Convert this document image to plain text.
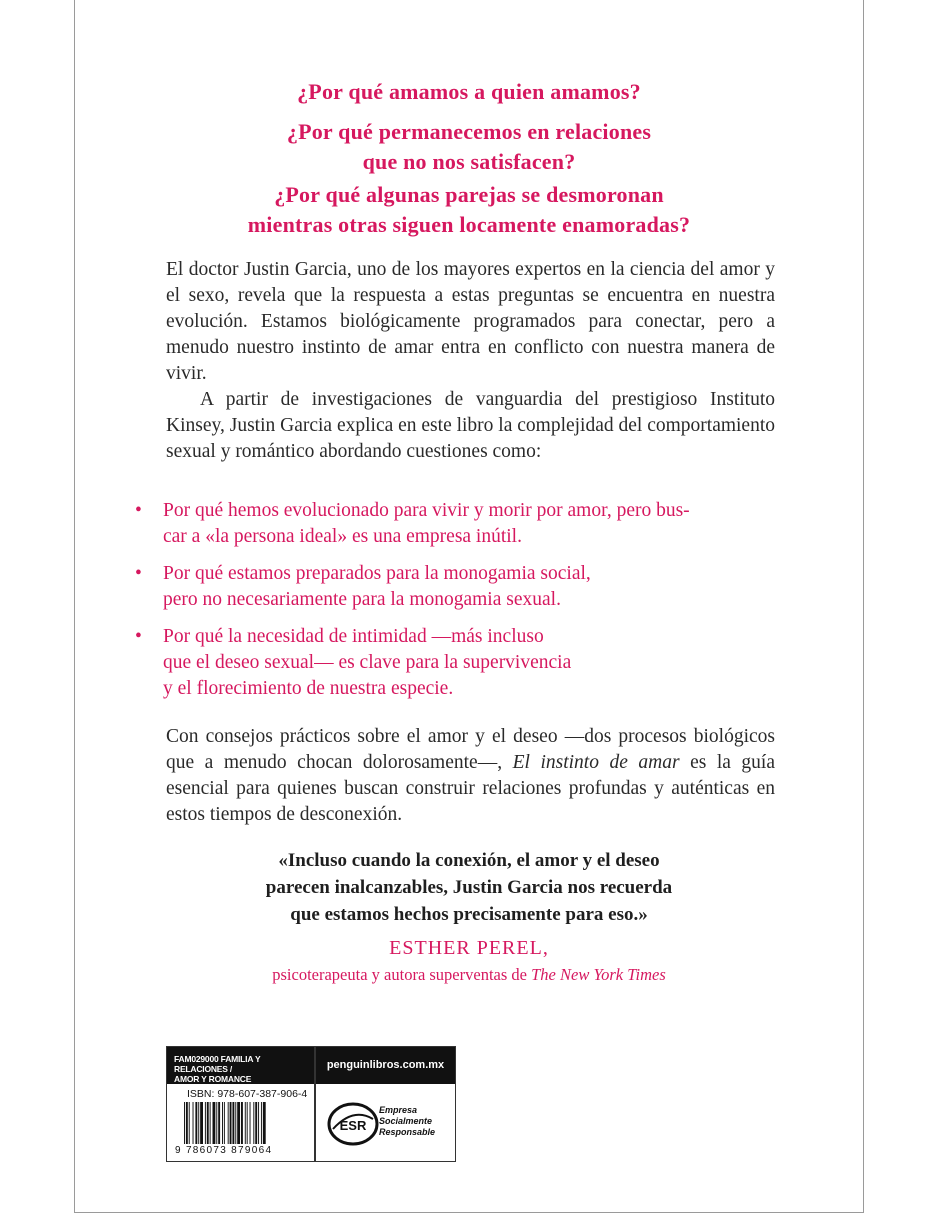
¿Por qué amamos a quien amamos?
¿Por qué permanecemos en relaciones
que no nos satisfacen?
¿Por qué algunas parejas se desmoronan
mientras otras siguen locamente enamoradas?

El doctor Justin Garcia, uno de los mayores expertos en la ciencia del amor y el sexo, revela que la respuesta a estas preguntas se encuentra en nuestra evolución. Estamos biológicamente programados para conectar, pero a menudo nuestro instinto de amar entra en conflicto con nuestra manera de vivir.

A partir de investigaciones de vanguardia del prestigioso Instituto Kinsey, Justin Garcia explica en este libro la complejidad del comportamiento sexual y romántico abordando cuestiones como:

• Por qué hemos evolucionado para vivir y morir por amor, pero bus-
car a «la persona ideal» es una empresa inútil.
• Por qué estamos preparados para la monogamia social,
pero no necesariamente para la monogamia sexual.
• Por qué la necesidad de intimidad —más incluso
que el deseo sexual— es clave para la supervivencia
y el florecimiento de nuestra especie.
Con consejos prácticos sobre el amor y el deseo —dos procesos biológicos que a menudo chocan dolorosamente—, El instinto de amar es la guía esencial para quienes buscan construir relaciones profundas y auténticas en estos tiempos de desconexión.
«Incluso cuando la conexión, el amor y el deseo
parecen inalcanzables, Justin Garcia nos recuerda
que estamos hechos precisamente para eso.»
ESTHER PEREL,
psicoterapeuta y autora superventas de The New York Times
FAM029000 FAMILIA Y RELACIONES /
AMOR Y ROMANCE
penguinlibros.com.mx
ISBN: 978-607-387-906-4
9 786073 879064
ESR
Empresa
Socialmente
Responsable
